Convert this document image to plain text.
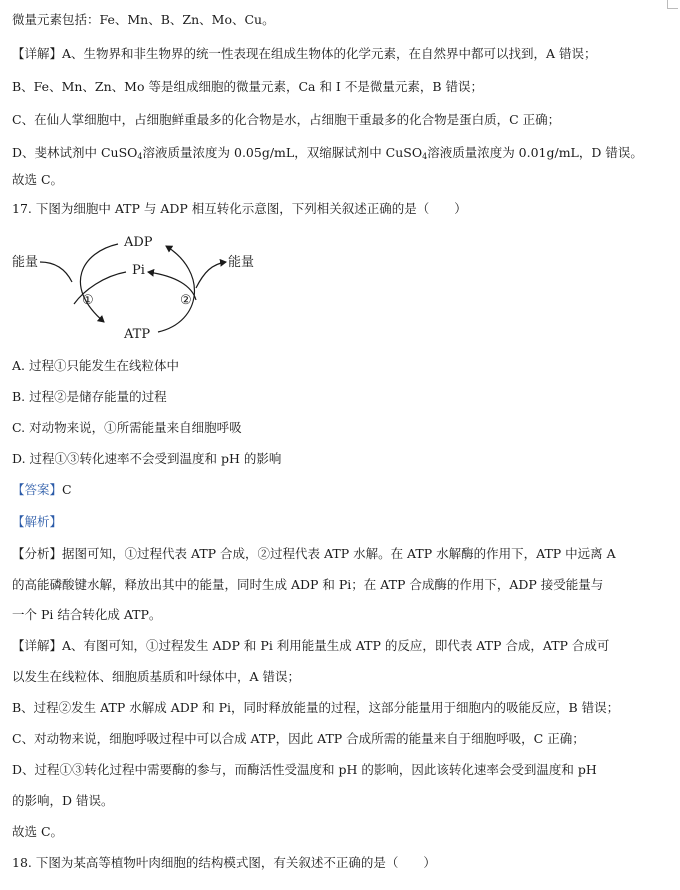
微量元素包括：Fe、Mn、B、Zn、Mo、Cu。
【详解】A、生物界和非生物界的统一性表现在组成生物体的化学元素，在自然界中都可以找到，A 错误；
B、Fe、Mn、Zn、Mo 等是组成细胞的微量元素，Ca 和 I 不是微量元素，B 错误；
C、在仙人掌细胞中，占细胞鲜重最多的化合物是水，占细胞干重最多的化合物是蛋白质，C 正确；
D、斐林试剂中 CuSO$_4$溶液质量浓度为 0.05g/mL，双缩脲试剂中 CuSO$_4$溶液质量浓度为 0.01g/mL，D 错误。
故选 C。
17. 下图为细胞中 ATP 与 ADP 相互转化示意图，下列相关叙述正确的是（　　）
ADP
Pi
ATP
能量	能量
①	②
A. 过程①只能发生在线粒体中
B. 过程②是储存能量的过程
C. 对动物来说，①所需能量来自细胞呼吸
D. 过程①③转化速率不会受到温度和 pH 的影响
【答案】C
【解析】
【分析】据图可知，①过程代表 ATP 合成，②过程代表 ATP 水解。在 ATP 水解酶的作用下，ATP 中远离 A
的高能磷酸键水解，释放出其中的能量，同时生成 ADP 和 Pi；在 ATP 合成酶的作用下，ADP 接受能量与
一个 Pi 结合转化成 ATP。
【详解】A、有图可知，①过程发生 ADP 和 Pi 利用能量生成 ATP 的反应，即代表 ATP 合成，ATP 合成可
以发生在线粒体、细胞质基质和叶绿体中，A 错误；
B、过程②发生 ATP 水解成 ADP 和 Pi，同时释放能量的过程，这部分能量用于细胞内的吸能反应，B 错误；
C、对动物来说，细胞呼吸过程中可以合成 ATP，因此 ATP 合成所需的能量来自于细胞呼吸，C 正确；
D、过程①③转化过程中需要酶的参与，而酶活性受温度和 pH 的影响，因此该转化速率会受到温度和 pH
的影响，D 错误。
故选 C。
18. 下图为某高等植物叶肉细胞的结构模式图，有关叙述不正确的是（　　）
